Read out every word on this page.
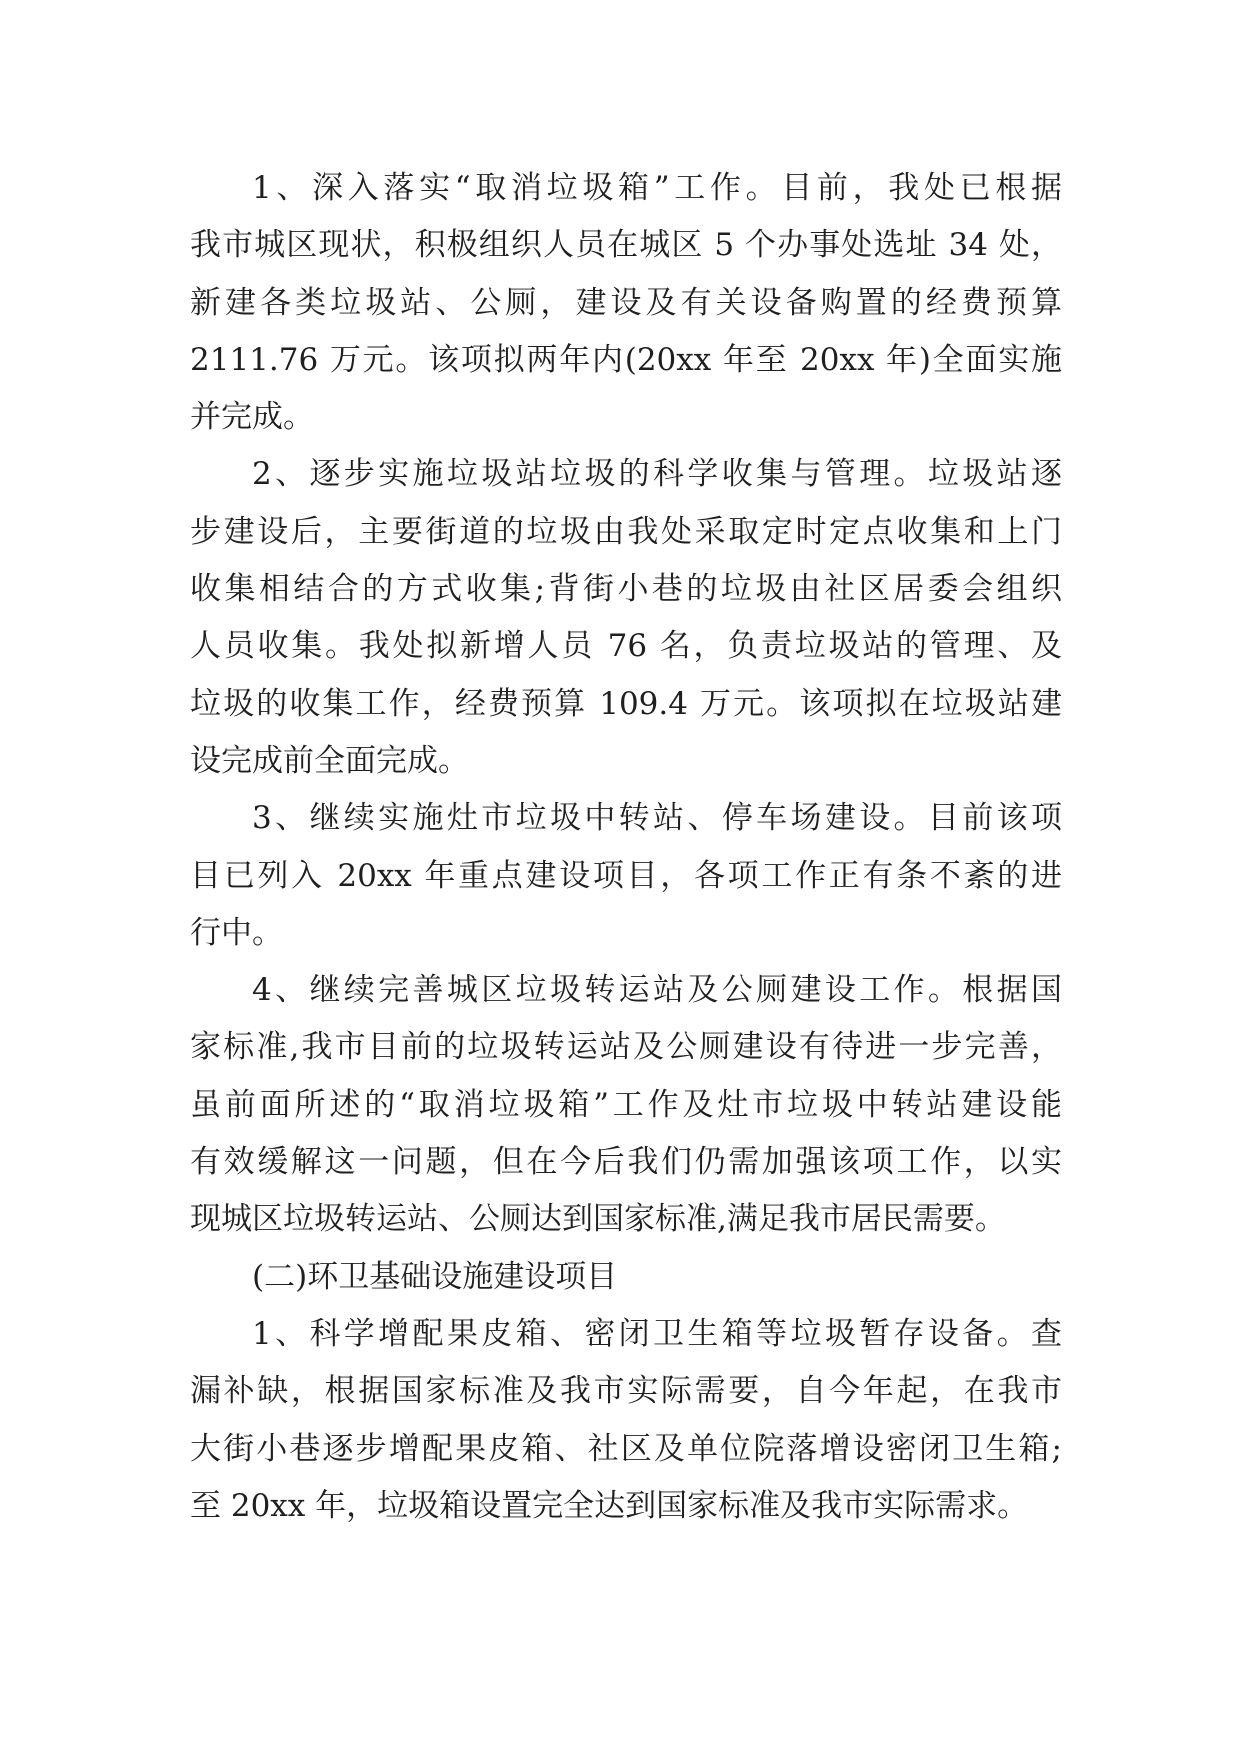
1、深入落实“取消垃圾箱”工作。目前，我处已根据
我市城区现状，积极组织人员在城区 5 个办事处选址 34 处，
新建各类垃圾站、公厕，建设及有关设备购置的经费预算
2111.76 万元。该项拟两年内(20xx 年至 20xx 年)全面实施
并完成。
2、逐步实施垃圾站垃圾的科学收集与管理。垃圾站逐
步建设后，主要街道的垃圾由我处采取定时定点收集和上门
收集相结合的方式收集;背街小巷的垃圾由社区居委会组织
人员收集。我处拟新增人员 76 名，负责垃圾站的管理、及
垃圾的收集工作，经费预算 109.4 万元。该项拟在垃圾站建
设完成前全面完成。
3、继续实施灶市垃圾中转站、停车场建设。目前该项
目已列入 20xx 年重点建设项目，各项工作正有条不紊的进
行中。
4、继续完善城区垃圾转运站及公厕建设工作。根据国
家标准,我市目前的垃圾转运站及公厕建设有待进一步完善，
虽前面所述的“取消垃圾箱”工作及灶市垃圾中转站建设能
有效缓解这一问题，但在今后我们仍需加强该项工作，以实
现城区垃圾转运站、公厕达到国家标准,满足我市居民需要。
(二)环卫基础设施建设项目
1、科学增配果皮箱、密闭卫生箱等垃圾暂存设备。查
漏补缺，根据国家标准及我市实际需要，自今年起，在我市
大街小巷逐步增配果皮箱、社区及单位院落增设密闭卫生箱;
至 20xx 年，垃圾箱设置完全达到国家标准及我市实际需求。
